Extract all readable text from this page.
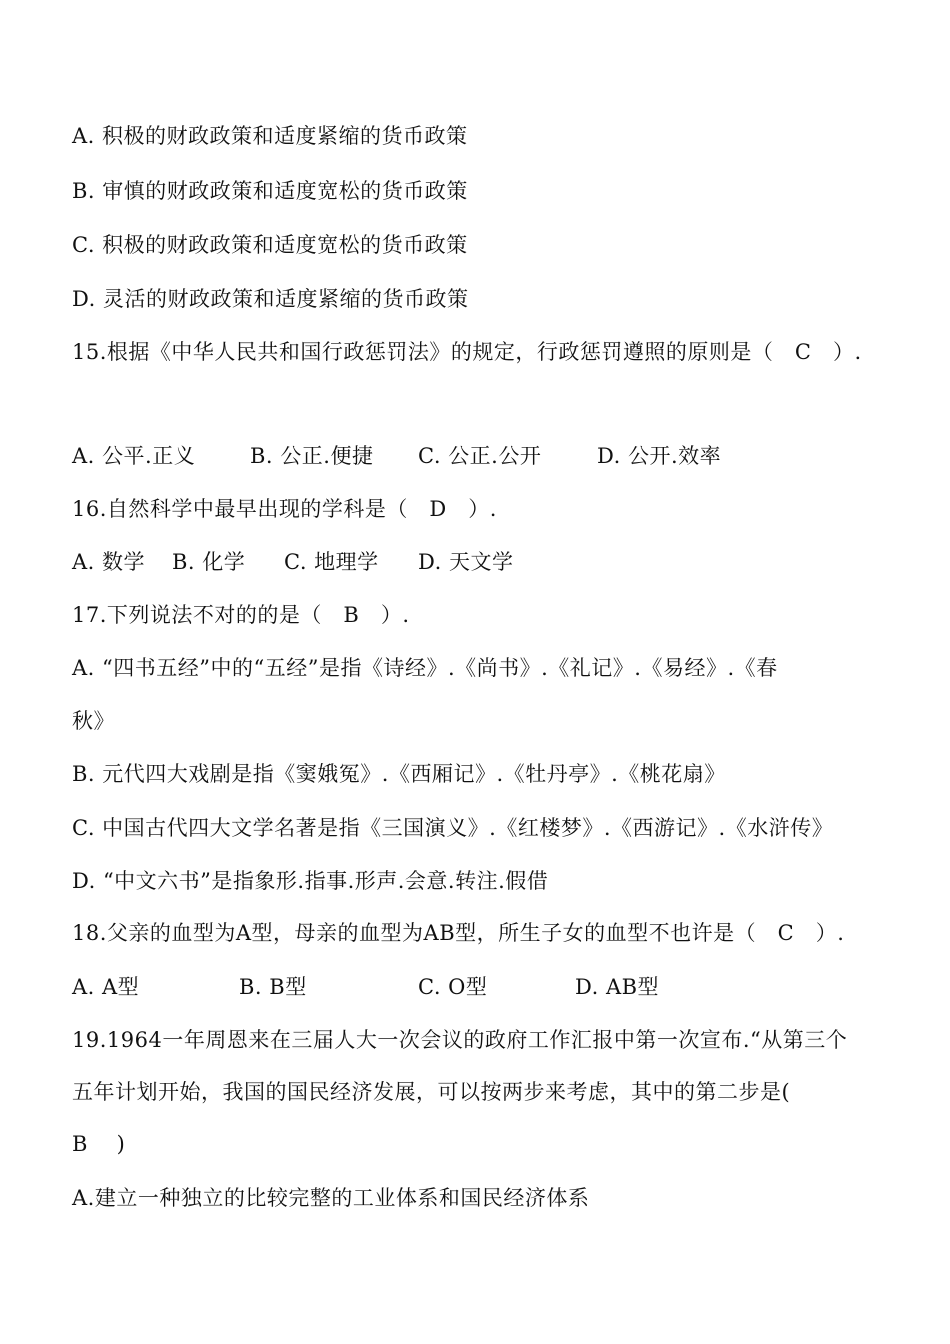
A. 积极的财政政策和适度紧缩的货币政策
B. 审慎的财政政策和适度宽松的货币政策
C. 积极的财政政策和适度宽松的货币政策
D. 灵活的财政政策和适度紧缩的货币政策
15.根据《中华人民共和国行政惩罚法》的规定，行政惩罚遵照的原则是（   C   ）.

A. 公平.正义

	B. 公正.便捷

C. 公正.公开

	D. 公开.效率

16.自然科学中最早出现的学科是（   D   ）.

A. 数学

B. 化学

C. 地理学

D. 天文学

17.下列说法不对的的是（   B   ）.
A. “四书五经”中的“五经”是指《诗经》.《尚书》.《礼记》.《易经》.《春
秋》
B. 元代四大戏剧是指《窦娥冤》.《西厢记》.《牡丹亭》.《桃花扇》
C. 中国古代四大文学名著是指《三国演义》.《红楼梦》.《西游记》.《水浒传》
D. “中文六书”是指象形.指事.形声.会意.转注.假借
18.父亲的血型为A型，母亲的血型为AB型，所生子女的血型不也许是（   C   ）.

A. A型

	B. B型

	C. O型

	D. AB型

19.1964一年周恩来在三届人大一次会议的政府工作汇报中第一次宣布.“从第三个
五年计划开始，我国的国民经济发展，可以按两步来考虑，其中的第二步是(
B    )
A.建立一种独立的比较完整的工业体系和国民经济体系
